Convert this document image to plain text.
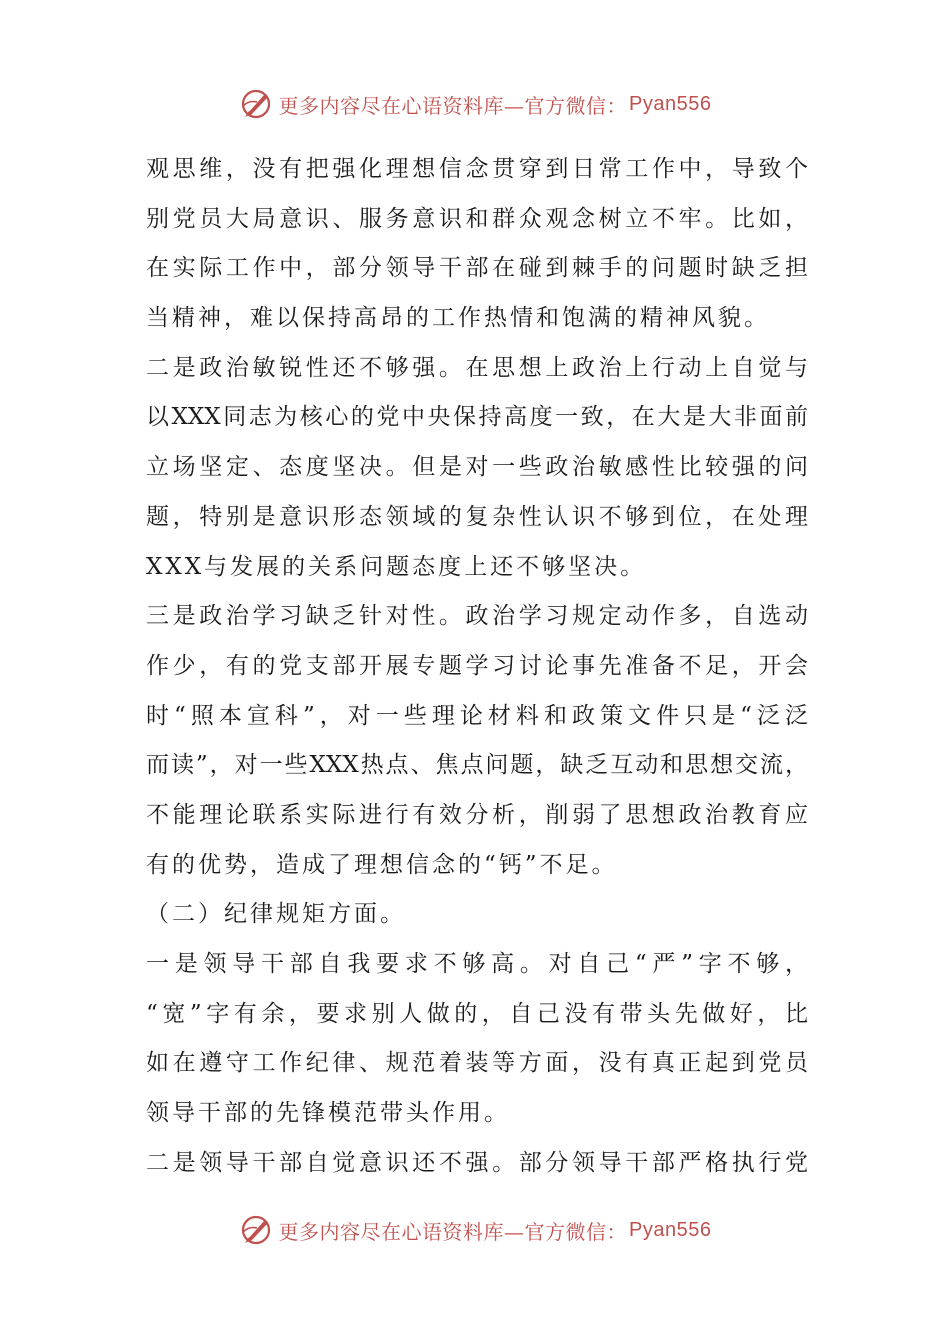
更多内容尽在心语资料库—官方微信： Pyan556
观思维，没有把强化理想信念贯穿到日常工作中，导致个
别党员大局意识、服务意识和群众观念树立不牢。比如，
在实际工作中，部分领导干部在碰到棘手的问题时缺乏担
当精神，难以保持高昂的工作热情和饱满的精神风貌。
二是政治敏锐性还不够强。在思想上政治上行动上自觉与
以XXX同志为核心的党中央保持高度一致，在大是大非面前
立场坚定、态度坚决。但是对一些政治敏感性比较强的问
题，特别是意识形态领域的复杂性认识不够到位，在处理
XXX与发展的关系问题态度上还不够坚决。
三是政治学习缺乏针对性。政治学习规定动作多，自选动
作少，有的党支部开展专题学习讨论事先准备不足，开会
时“照本宣科”，对一些理论材料和政策文件只是“泛泛
而读”，对一些XXX热点、焦点问题，缺乏互动和思想交流，
不能理论联系实际进行有效分析，削弱了思想政治教育应
有的优势，造成了理想信念的“钙”不足。
（二）纪律规矩方面。
一是领导干部自我要求不够高。对自己“严”字不够，
“宽”字有余，要求别人做的，自己没有带头先做好，比
如在遵守工作纪律、规范着装等方面，没有真正起到党员
领导干部的先锋模范带头作用。
二是领导干部自觉意识还不强。部分领导干部严格执行党
更多内容尽在心语资料库—官方微信： Pyan556
